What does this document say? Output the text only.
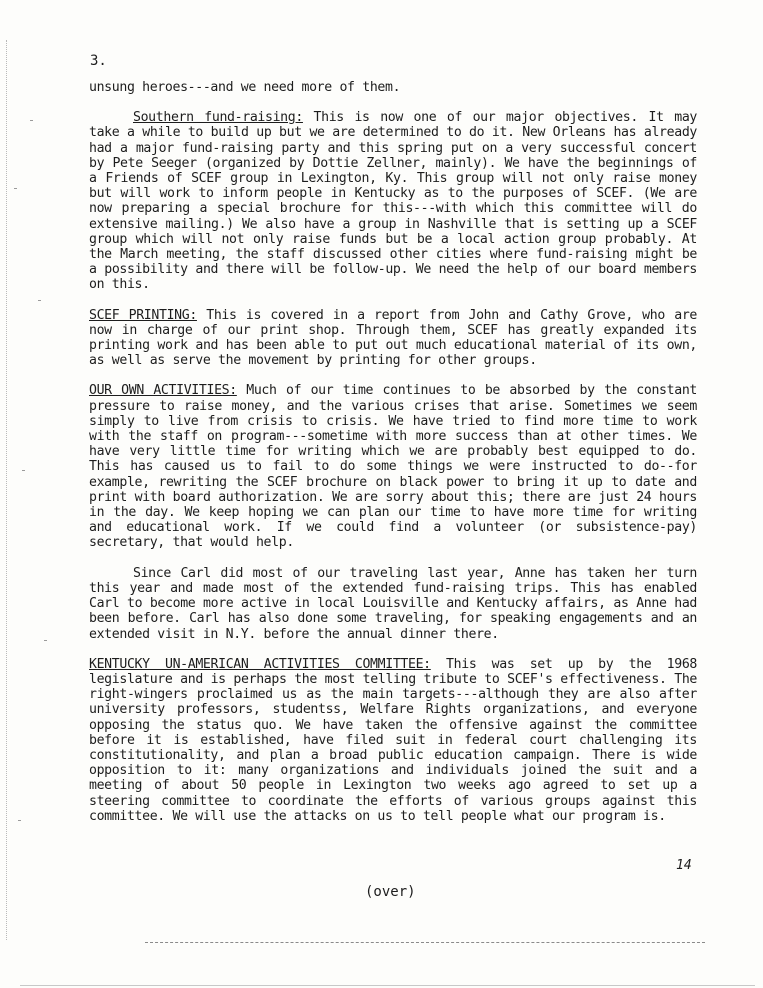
3.

unsung heroes---and we need more of them.

Southern fund-raising: This is now one of our major objectives. It may take a while to build up but we are determined to do it. New Orleans has already had a major fund-raising party and this spring put on a very successful concert by Pete Seeger (organized by Dottie Zellner, mainly). We have the beginnings of a Friends of SCEF group in Lexington, Ky. This group will not only raise money but will work to inform people in Kentucky as to the purposes of SCEF. (We are now preparing a special brochure for this---with which this committee will do extensive mailing.) We also have a group in Nashville that is setting up a SCEF group which will not only raise funds but be a local action group probably. At the March meeting, the staff discussed other cities where fund-raising might be a possibility and there will be follow-up. We need the help of our board members on this.

SCEF PRINTING: This is covered in a report from John and Cathy Grove, who are now in charge of our print shop. Through them, SCEF has greatly expanded its printing work and has been able to put out much educational material of its own, as well as serve the movement by printing for other groups.

OUR OWN ACTIVITIES: Much of our time continues to be absorbed by the constant pressure to raise money, and the various crises that arise. Sometimes we seem simply to live from crisis to crisis. We have tried to find more time to work with the staff on program---sometime with more success than at other times. We have very little time for writing which we are probably best equipped to do. This has caused us to fail to do some things we were instructed to do--for example, rewriting the SCEF brochure on black power to bring it up to date and print with board authorization. We are sorry about this; there are just 24 hours in the day. We keep hoping we can plan our time to have more time for writing and educational work. If we could find a volunteer (or subsistence-pay) secretary, that would help.

Since Carl did most of our traveling last year, Anne has taken her turn this year and made most of the extended fund-raising trips. This has enabled Carl to become more active in local Louisville and Kentucky affairs, as Anne had been before. Carl has also done some traveling, for speaking engagements and an extended visit in N.Y. before the annual dinner there.

KENTUCKY UN-AMERICAN ACTIVITIES COMMITTEE: This was set up by the 1968 legislature and is perhaps the most telling tribute to SCEF's effectiveness. The right-wingers proclaimed us as the main targets---although they are also after university professors, studentss, Welfare Rights organizations, and everyone opposing the status quo. We have taken the offensive against the committee before it is established, have filed suit in federal court challenging its constitutionality, and plan a broad public education campaign. There is wide opposition to it: many organizations and individuals joined the suit and a meeting of about 50 people in Lexington two weeks ago agreed to set up a steering committee to coordinate the efforts of various groups against this committee. We will use the attacks on us to tell people what our program is.

14
(over)
